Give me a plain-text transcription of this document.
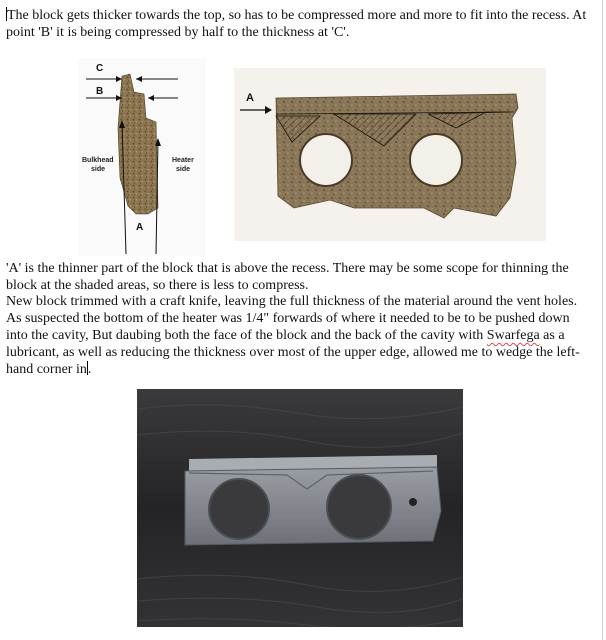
The block gets thicker towards the top, so has to be compressed more and more to fit into the recess. At point 'B' it is being compressed by half to the thickness at 'C'.

C
B
Bulkhead
side
Heater
side
A
A

'A' is the thinner part of the block that is above the recess. There may be some scope for thinning the block at the shaded areas, so there is less to compress.

New block trimmed with a craft knife, leaving the full thickness of the material around the vent holes. As suspected the bottom of the heater was 1/4" forwards of where it needed to be to be pushed down into the cavity, But daubing both the face of the block and the back of the cavity with Swarfega as a lubricant, as well as reducing the thickness over most of the upper edge, allowed me to wedge the left-hand corner in.
